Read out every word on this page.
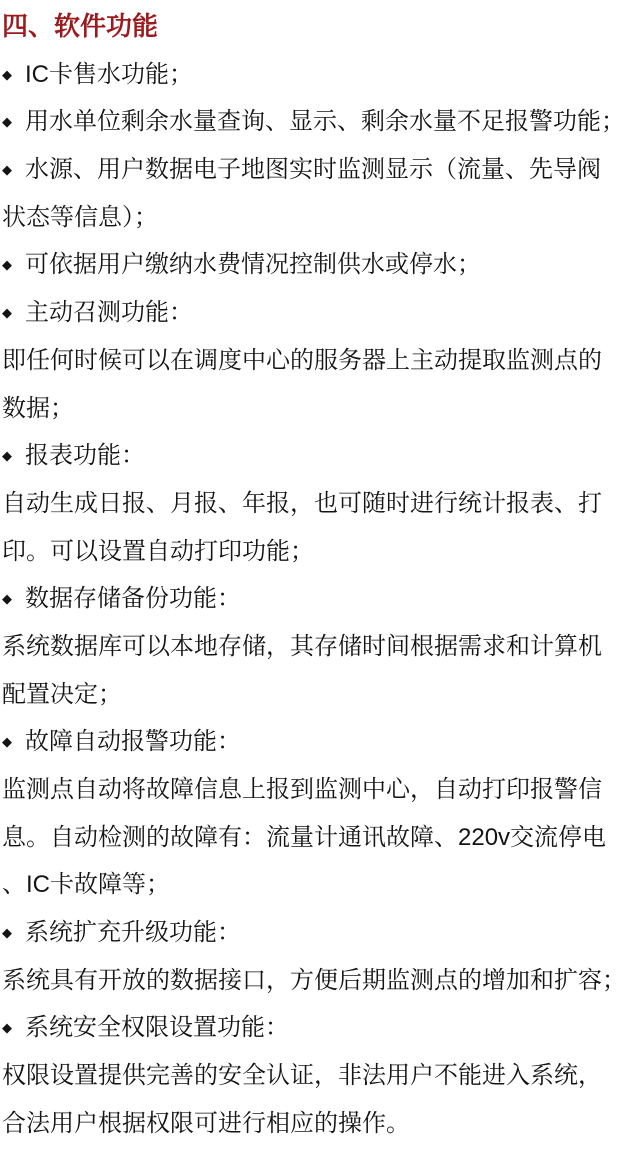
四、软件功能
◆ IC卡售水功能；
◆ 用水单位剩余水量查询、显示、剩余水量不足报警功能；
◆ 水源、用户数据电子地图实时监测显示（流量、先导阀
状态等信息）；
◆ 可依据用户缴纳水费情况控制供水或停水；
◆ 主动召测功能：
即任何时候可以在调度中心的服务器上主动提取监测点的
数据；
◆ 报表功能：
自动生成日报、月报、年报，也可随时进行统计报表、打
印。可以设置自动打印功能；
◆ 数据存储备份功能：
系统数据库可以本地存储，其存储时间根据需求和计算机
配置决定；
◆ 故障自动报警功能：
监测点自动将故障信息上报到监测中心，自动打印报警信
息。自动检测的故障有：流量计通讯故障、220v交流停电
、IC卡故障等；
◆ 系统扩充升级功能：
系统具有开放的数据接口，方便后期监测点的增加和扩容；
◆ 系统安全权限设置功能：
权限设置提供完善的安全认证，非法用户不能进入系统，
合法用户根据权限可进行相应的操作。
